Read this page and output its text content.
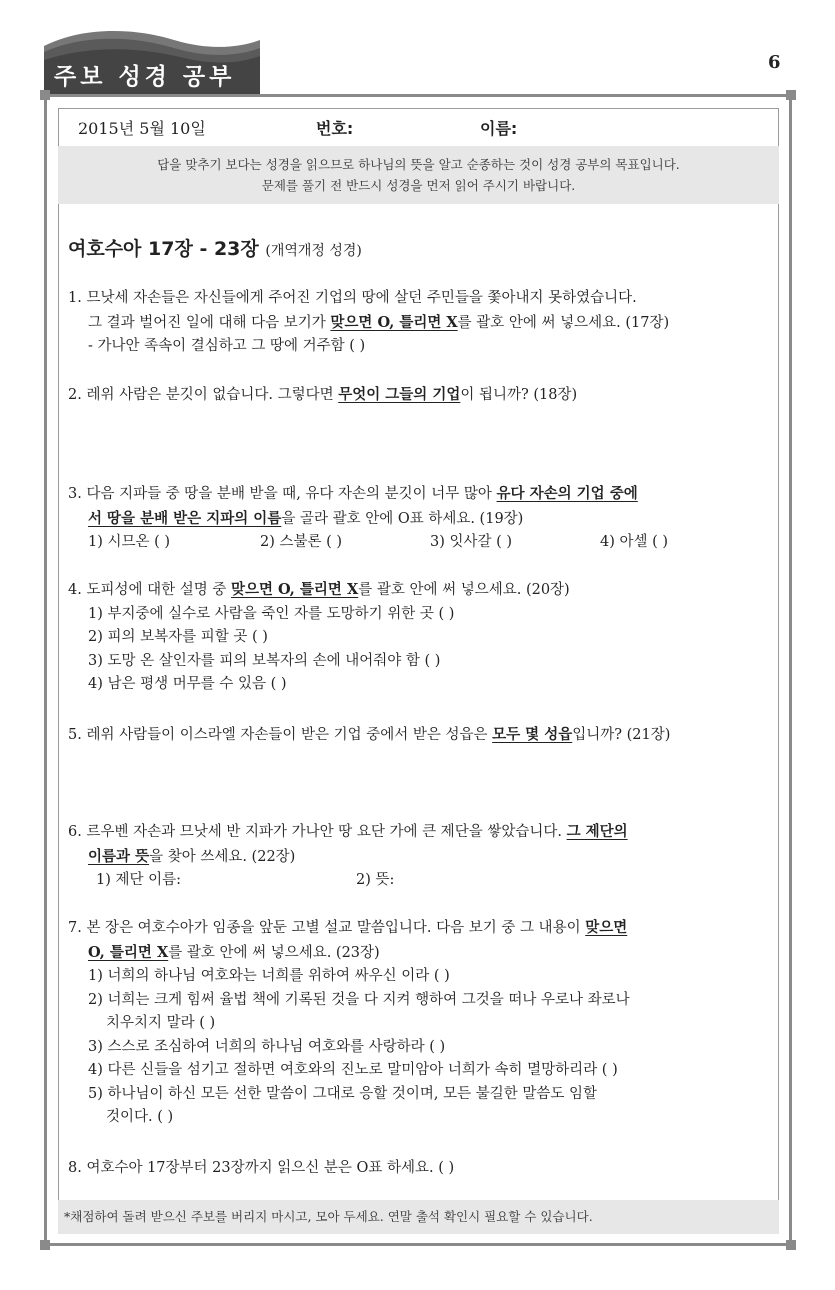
주보 성경 공부
6
2015년 5월 10일	번호:	이름:
답을 맞추기 보다는 성경을 읽으므로 하나님의 뜻을 알고 순종하는 것이 성경 공부의 목표입니다.
문제를 풀기 전 반드시 성경을 먼저 읽어 주시기 바랍니다.
여호수아 17장 - 23장 (개역개정 성경)
1. 므낫세 자손들은 자신들에게 주어진 기업의 땅에 살던 주민들을 쫓아내지 못하였습니다.
그 결과 벌어진 일에 대해 다음 보기가 맞으면 O, 틀리면 X를 괄호 안에 써 넣으세요. (17장)
- 가나안 족속이 결심하고 그 땅에 거주함 ( )
2. 레위 사람은 분깃이 없습니다. 그렇다면 무엇이 그들의 기업이 됩니까? (18장)
3. 다음 지파들 중 땅을 분배 받을 때, 유다 자손의 분깃이 너무 많아 유다 자손의 기업 중에
서 땅을 분배 받은 지파의 이름을 골라 괄호 안에 O표 하세요. (19장)
1) 시므온 ( )	2) 스불론 ( )	3) 잇사갈 ( )	4) 아셀 ( )
4. 도피성에 대한 설명 중 맞으면 O, 틀리면 X를 괄호 안에 써 넣으세요. (20장)
1) 부지중에 실수로 사람을 죽인 자를 도망하기 위한 곳 ( )
2) 피의 보복자를 피할 곳 ( )
3) 도망 온 살인자를 피의 보복자의 손에 내어줘야 함 ( )
4) 남은 평생 머무를 수 있음 ( )
5. 레위 사람들이 이스라엘 자손들이 받은 기업 중에서 받은 성읍은 모두 몇 성읍입니까? (21장)
6. 르우벤 자손과 므낫세 반 지파가 가나안 땅 요단 가에 큰 제단을 쌓았습니다. 그 제단의
이름과 뜻을 찾아 쓰세요. (22장)
1) 제단 이름:	2) 뜻:
7. 본 장은 여호수아가 임종을 앞둔 고별 설교 말씀입니다. 다음 보기 중 그 내용이 맞으면
O, 틀리면 X를 괄호 안에 써 넣으세요. (23장)
1) 너희의 하나님 여호와는 너희를 위하여 싸우신 이라 ( )
2) 너희는 크게 힘써 율법 책에 기록된 것을 다 지켜 행하여 그것을 떠나 우로나 좌로나
치우치지 말라 ( )
3) 스스로 조심하여 너희의 하나님 여호와를 사랑하라 ( )
4) 다른 신들을 섬기고 절하면 여호와의 진노로 말미암아 너희가 속히 멸망하리라 ( )
5) 하나님이 하신 모든 선한 말씀이 그대로 응할 것이며, 모든 불길한 말씀도 임할
것이다. ( )
8. 여호수아 17장부터 23장까지 읽으신 분은 O표 하세요. ( )
*채점하여 돌려 받으신 주보를 버리지 마시고, 모아 두세요. 연말 출석 확인시 필요할 수 있습니다.
